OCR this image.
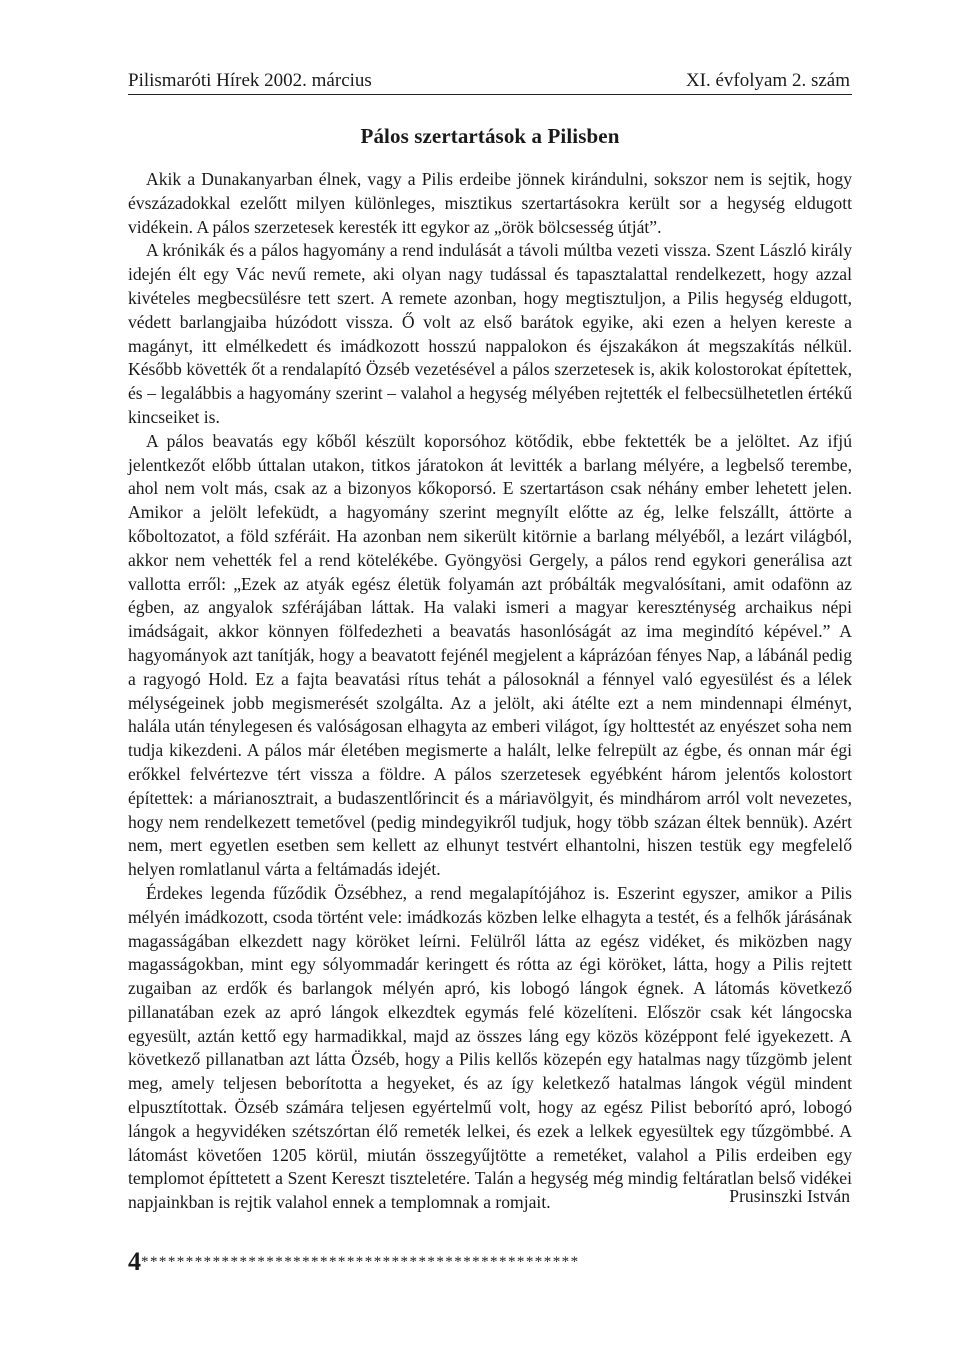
Pilismaróti Hírek 2002. március	XI. évfolyam 2. szám
Pálos szertartások a Pilisben

Akik a Dunakanyarban élnek, vagy a Pilis erdeibe jönnek kirándulni, sokszor nem is sejtik, hogy évszázadokkal ezelőtt milyen különleges, misztikus szertartásokra került sor a hegység eldugott vidékein. A pálos szerzetesek keresték itt egykor az „örök bölcsesség útját”.

A krónikák és a pálos hagyomány a rend indulását a távoli múltba vezeti vissza. Szent László király idején élt egy Vác nevű remete, aki olyan nagy tudással és tapasztalattal rendelkezett, hogy azzal kivételes megbecsülésre tett szert. A remete azonban, hogy megtisztuljon, a Pilis hegység eldugott, védett barlangjaiba húzódott vissza. Ő volt az első barátok egyike, aki ezen a helyen kereste a magányt, itt elmélkedett és imádkozott hosszú nappalokon és éjszakákon át megszakítás nélkül. Később követték őt a rendalapító Özséb vezetésével a pálos szerzetesek is, akik kolostorokat építettek, és – legalábbis a hagyomány szerint – valahol a hegység mélyében rejtették el felbecsülhetetlen értékű kincseiket is.

A pálos beavatás egy kőből készült koporsóhoz kötődik, ebbe fektették be a jelöltet. Az ifjú jelentkezőt előbb úttalan utakon, titkos járatokon át levitték a barlang mélyére, a legbelső terembe, ahol nem volt más, csak az a bizonyos kőkoporsó. E szertartáson csak néhány ember lehetett jelen. Amikor a jelölt lefeküdt, a hagyomány szerint megnyílt előtte az ég, lelke felszállt, áttörte a kőboltozatot, a föld szféráit. Ha azonban nem sikerült kitörnie a barlang mélyéből, a lezárt világból, akkor nem vehették fel a rend kötelékébe. Gyöngyösi Gergely, a pálos rend egykori generálisa azt vallotta erről: „Ezek az atyák egész életük folyamán azt próbálták megvalósítani, amit odafönn az égben, az angyalok szférájában láttak. Ha valaki ismeri a magyar kereszténység archaikus népi imádságait, akkor könnyen fölfedezheti a beavatás hasonlóságát az ima megindító képével.” A hagyományok azt tanítják, hogy a beavatott fejénél megjelent a káprázóan fényes Nap, a lábánál pedig a ragyogó Hold. Ez a fajta beavatási rítus tehát a pálosoknál a fénnyel való egyesülést és a lélek mélységeinek jobb megismerését szolgálta. Az a jelölt, aki átélte ezt a nem mindennapi élményt, halála után ténylegesen és valóságosan elhagyta az emberi világot, így holttestét az enyészet soha nem tudja kikezdeni. A pálos már életében megismerte a halált, lelke felrepült az égbe, és onnan már égi erőkkel felvértezve tért vissza a földre. A pálos szerzetesek egyébként három jelentős kolostort építettek: a márianosztrait, a budaszentlőrincit és a máriavölgyit, és mindhárom arról volt nevezetes, hogy nem rendelkezett temetővel (pedig mindegyikről tudjuk, hogy több százan éltek bennük). Azért nem, mert egyetlen esetben sem kellett az elhunyt testvért elhantolni, hiszen testük egy megfelelő helyen romlatlanul várta a feltámadás idejét.

Érdekes legenda fűződik Özsébhez, a rend megalapítójához is. Eszerint egyszer, amikor a Pilis mélyén imádkozott, csoda történt vele: imádkozás közben lelke elhagyta a testét, és a felhők járásának magasságában elkezdett nagy köröket leírni. Felülről látta az egész vidéket, és miközben nagy magasságokban, mint egy sólyommadár keringett és rótta az égi köröket, látta, hogy a Pilis rejtett zugaiban az erdők és barlangok mélyén apró, kis lobogó lángok égnek. A látomás következő pillanatában ezek az apró lángok elkezdtek egymás felé közelíteni. Először csak két lángocska egyesült, aztán kettő egy harmadikkal, majd az összes láng egy közös középpont felé igyekezett. A következő pillanatban azt látta Özséb, hogy a Pilis kellős közepén egy hatalmas nagy tűzgömb jelent meg, amely teljesen beborította a hegyeket, és az így keletkező hatalmas lángok végül mindent elpusztítottak. Özséb számára teljesen egyértelmű volt, hogy az egész Pilist beborító apró, lobogó lángok a hegyvidéken szétszórtan élő remeték lelkei, és ezek a lelkek egyesültek egy tűzgömbbé. A látomást követően 1205 körül, miután összegyűjtötte a remetéket, valahol a Pilis erdeiben egy templomot építtetett a Szent Kereszt tiszteletére. Talán a hegység még mindig feltáratlan belső vidékei napjainkban is rejtik valahol ennek a templomnak a romjait.	Prusinszki István
4*************************************************
